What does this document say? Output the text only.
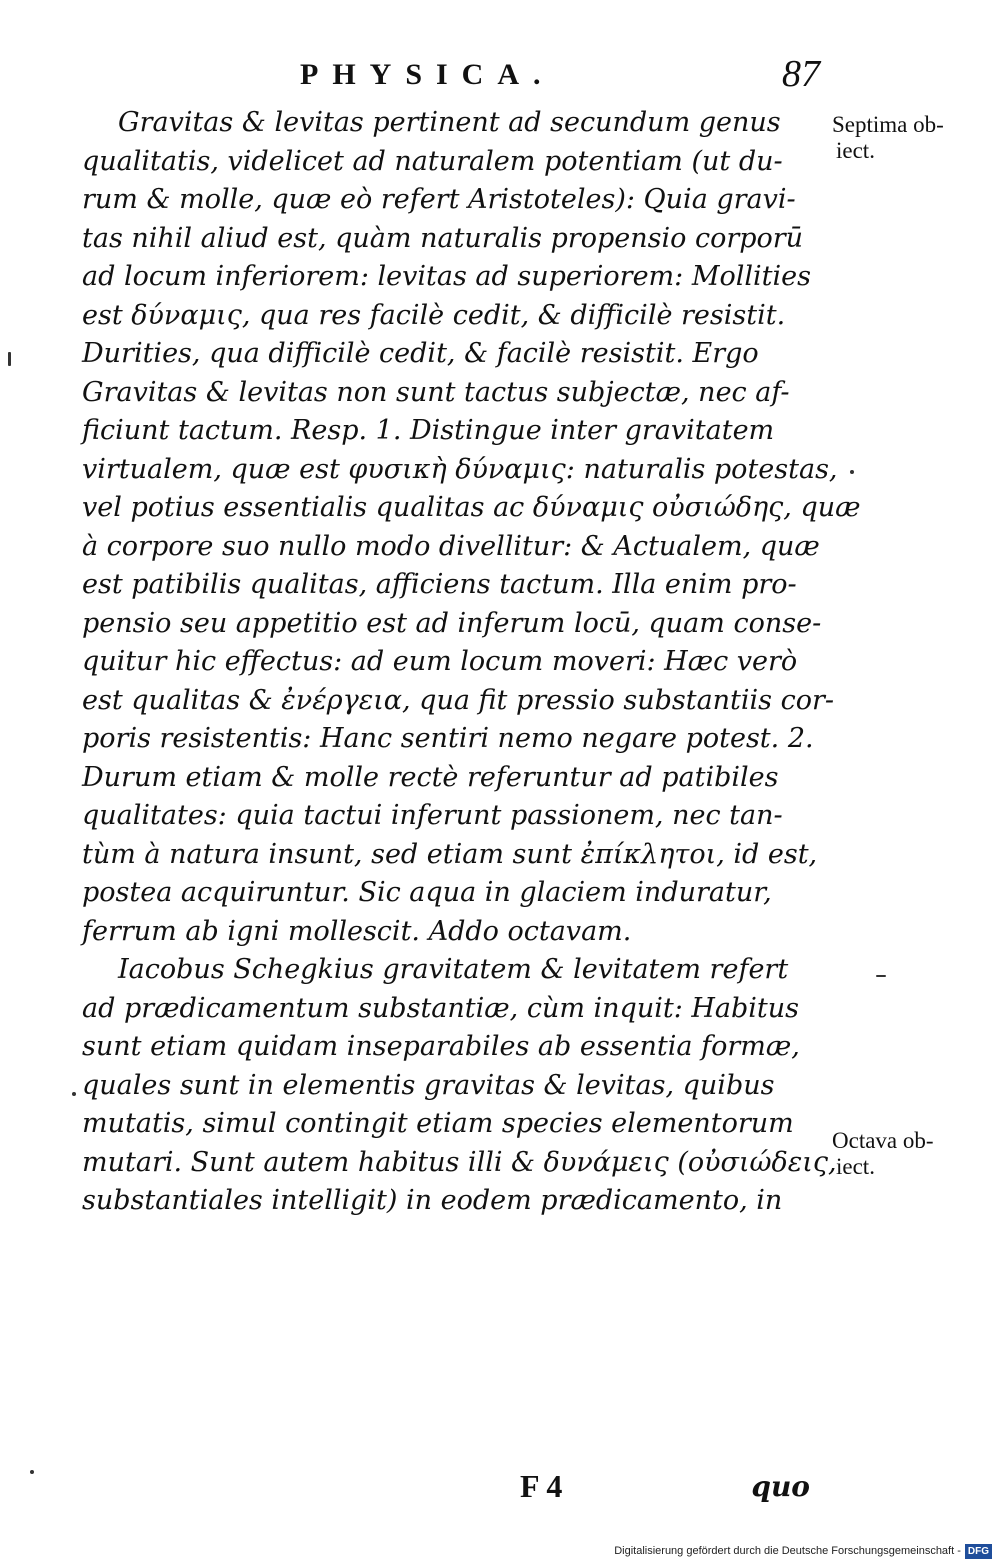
PHYSICA.	87
Gravitas & levitas pertinent ad secundum genus
qualitatis, videlicet ad naturalem potentiam (ut du-
rum & molle, quæ eò refert Aristoteles): Quia gravi-
tas nihil aliud est, quàm naturalis propensio corporū
ad locum inferiorem: levitas ad superiorem: Mollities
est δύναμις, qua res facilè cedit, & difficilè resistit.
Durities, qua difficilè cedit, & facilè resistit. Ergo
Gravitas & levitas non sunt tactus subjectæ, nec af-
ficiunt tactum. Resp. 1. Distingue inter gravitatem
virtualem, quæ est φυσικὴ δύναμις: naturalis potestas,
vel potius essentialis qualitas ac δύναμις οὐσιώδης, quæ
à corpore suo nullo modo divellitur: & Actualem, quæ
est patibilis qualitas, afficiens tactum. Illa enim pro-
pensio seu appetitio est ad inferum locū, quam conse-
quitur hic effectus: ad eum locum moveri: Hæc verò
est qualitas & ἐνέργεια, qua fit pressio substantiis cor-
poris resistentis: Hanc sentiri nemo negare potest. 2.
Durum etiam & molle rectè referuntur ad patibiles
qualitates: quia tactui inferunt passionem, nec tan-
tùm à natura insunt, sed etiam sunt ἐπίκλητοι, id est,
postea acquiruntur. Sic aqua in glaciem induratur,
ferrum ab igni mollescit. Addo octavam.
Iacobus Schegkius gravitatem & levitatem refert
ad prædicamentum substantiæ, cùm inquit: Habitus
sunt etiam quidam inseparabiles ab essentia formæ,
quales sunt in elementis gravitas & levitas, quibus
mutatis, simul contingit etiam species elementorum
mutari. Sunt autem habitus illi & δυνάμεις (οὐσιώδεις,
substantiales intelligit) in eodem prædicamento, in
Septima ob-
iect.
Octava ob-
iect.
F 4	quo
Digitalisierung gefördert durch die Deutsche Forschungsgemeinschaft - DFG
